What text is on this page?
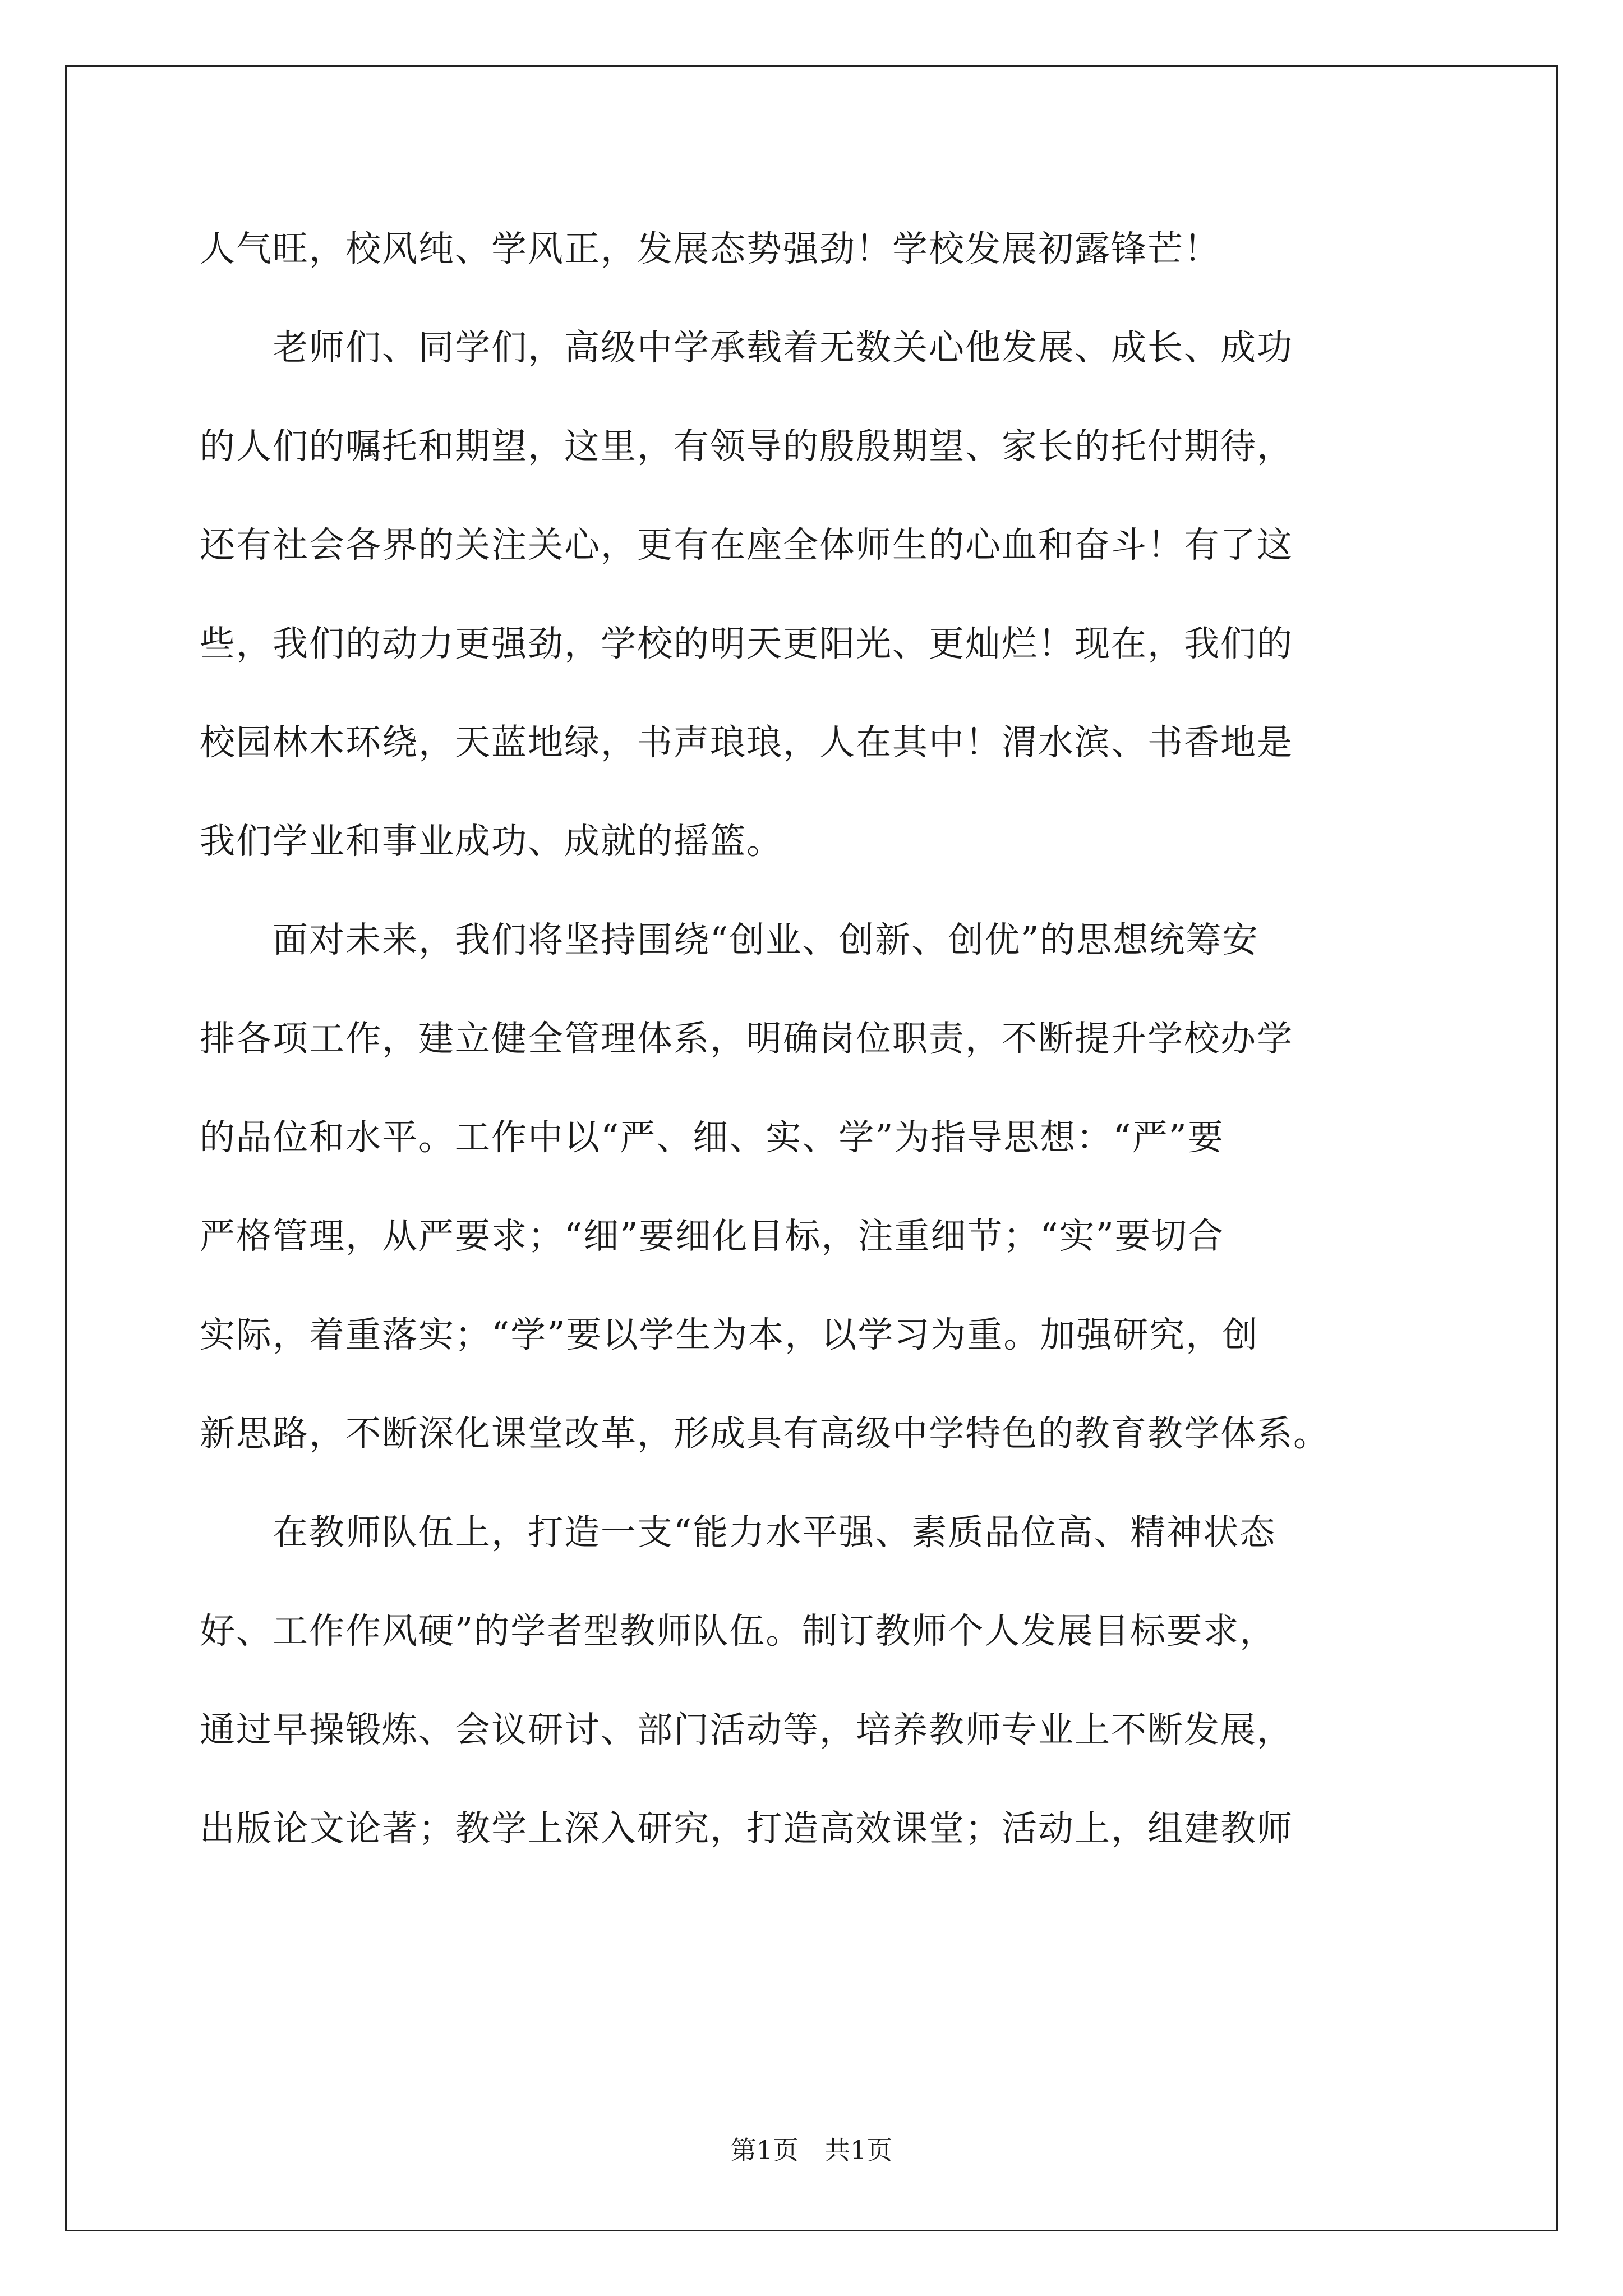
人气旺，校风纯、学风正，发展态势强劲！学校发展初露锋芒！
　　老师们、同学们，高级中学承载着无数关心他发展、成长、成功
的人们的嘱托和期望，这里，有领导的殷殷期望、家长的托付期待，
还有社会各界的关注关心，更有在座全体师生的心血和奋斗！有了这
些，我们的动力更强劲，学校的明天更阳光、更灿烂！现在，我们的
校园林木环绕，天蓝地绿，书声琅琅，人在其中！渭水滨、书香地是
我们学业和事业成功、成就的摇篮。
　　面对未来，我们将坚持围绕“创业、创新、创优”的思想统筹安
排各项工作，建立健全管理体系，明确岗位职责，不断提升学校办学
的品位和水平。工作中以“严、细、实、学”为指导思想：“严”要
严格管理，从严要求；“细”要细化目标，注重细节；“实”要切合
实际，着重落实；“学”要以学生为本，以学习为重。加强研究，创
新思路，不断深化课堂改革，形成具有高级中学特色的教育教学体系。
　　在教师队伍上，打造一支“能力水平强、素质品位高、精神状态
好、工作作风硬”的学者型教师队伍。制订教师个人发展目标要求，
通过早操锻炼、会议研讨、部门活动等，培养教师专业上不断发展，
出版论文论著；教学上深入研究，打造高效课堂；活动上，组建教师
第1页　共1页
